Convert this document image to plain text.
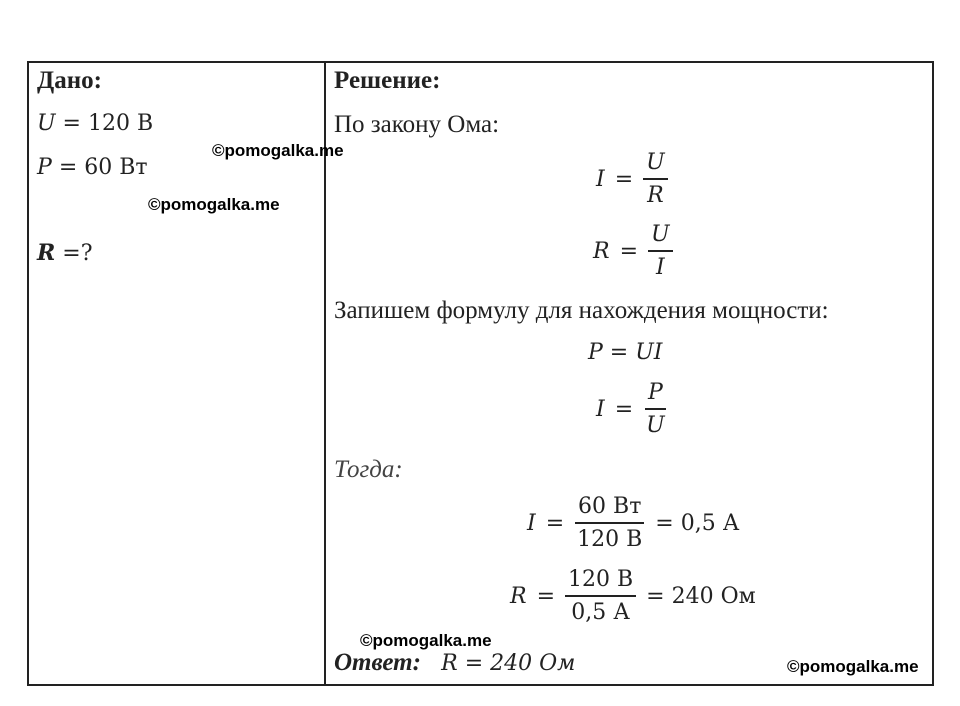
Дано:
U = 120 В
P = 60 Вт
R =?
Решение:
По закону Ома:
$I = \frac{U}{R}$
$R = \frac{U}{I}$
Запишем формулу для нахождения мощности:
P = UI
$I = \frac{P}{U}$
Тогда:
$I = \frac{60 Вт}{120 В} = 0,5$ А
$R = \frac{120 В}{0,5 А} = 240$ Ом
Ответ: R = 240 Ом
©pomogalka.me
©pomogalka.me
©pomogalka.me
©pomogalka.me
